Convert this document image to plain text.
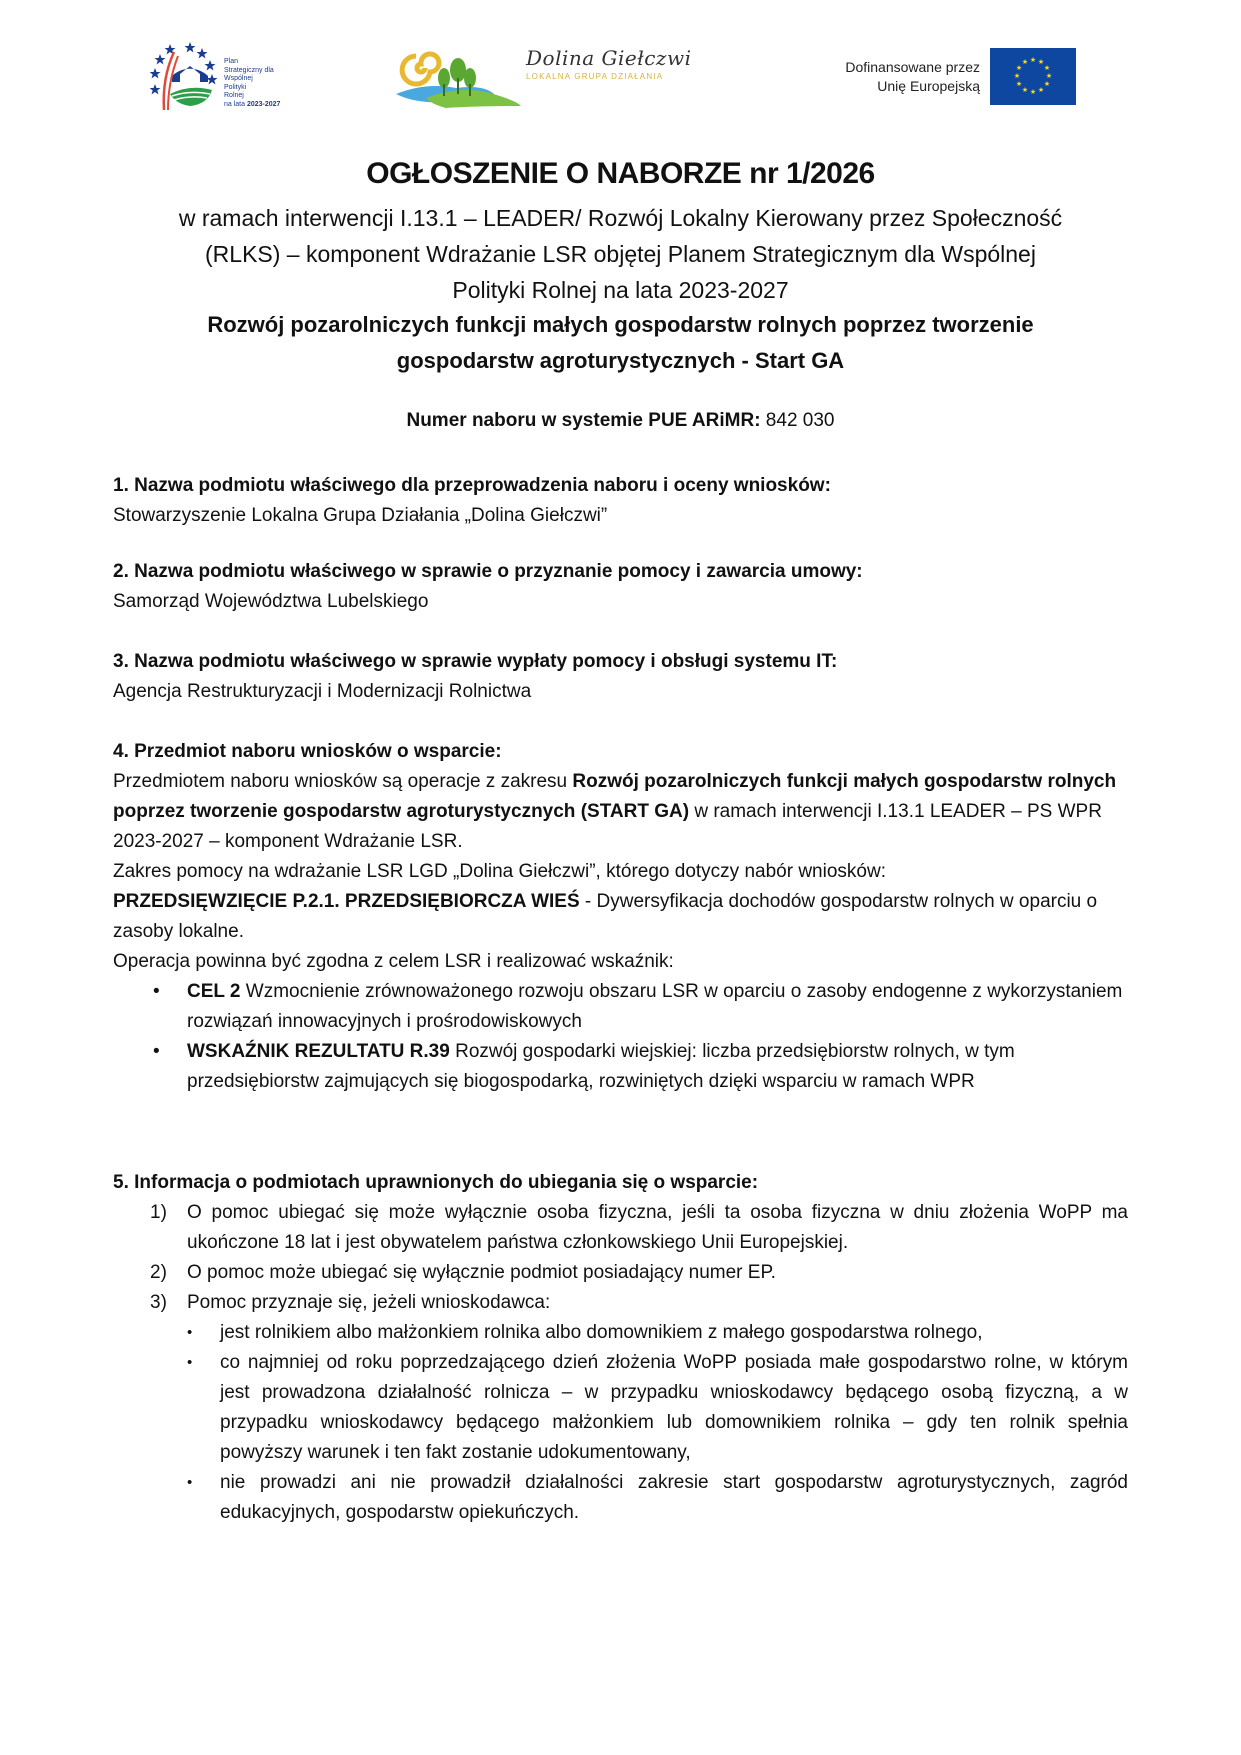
Plan
Strategiczny dla
Wspólnej
Polityki
Rolnej
na lata 2023-2027
Dolina Giełczwi
LOKALNA GRUPA DZIAŁANIA
Dofinansowane przez
Unię Europejską
★ ★
★
★
★
★
★
★
★
★
★
★
OGŁOSZENIE O NABORZE nr 1/2026
w ramach interwencji I.13.1 – LEADER/ Rozwój Lokalny Kierowany przez Społeczność
(RLKS) – komponent Wdrażanie LSR objętej Planem Strategicznym dla Wspólnej
Polityki Rolnej na lata 2023-2027
Rozwój pozarolniczych funkcji małych gospodarstw rolnych poprzez tworzenie
gospodarstw agroturystycznych - Start GA
Numer naboru w systemie PUE ARiMR: 842 030

1. Nazwa podmiotu właściwego dla przeprowadzenia naboru i oceny wniosków:

Stowarzyszenie Lokalna Grupa Działania „Dolina Giełczwi”

2. Nazwa podmiotu właściwego w sprawie o przyznanie pomocy i zawarcia umowy:

Samorząd Województwa Lubelskiego

3. Nazwa podmiotu właściwego w sprawie wypłaty pomocy i obsługi systemu IT:

Agencja Restrukturyzacji i Modernizacji Rolnictwa

4. Przedmiot naboru wniosków o wsparcie:

Przedmiotem naboru wniosków są operacje z zakresu Rozwój pozarolniczych funkcji małych gospodarstw rolnych poprzez tworzenie gospodarstw agroturystycznych (START GA) w ramach interwencji I.13.1 LEADER – PS WPR 2023-2027 – komponent Wdrażanie LSR.

Zakres pomocy na wdrażanie LSR LGD „Dolina Giełczwi”, którego dotyczy nabór wniosków:

PRZEDSIĘWZIĘCIE P.2.1. PRZEDSIĘBIORCZA WIEŚ - Dywersyfikacja dochodów gospodarstw rolnych w oparciu o zasoby lokalne.

Operacja powinna być zgodna z celem LSR i realizować wskaźnik:

• CEL 2 Wzmocnienie zrównoważonego rozwoju obszaru LSR w oparciu o zasoby endogenne z wykorzystaniem rozwiązań innowacyjnych i prośrodowiskowych
• WSKAŹNIK REZULTATU R.39 Rozwój gospodarki wiejskiej: liczba przedsiębiorstw rolnych, w tym przedsiębiorstw zajmujących się biogospodarką, rozwiniętych dzięki wsparciu w ramach WPR

5. Informacja o podmiotach uprawnionych do ubiegania się o wsparcie:

1) O pomoc ubiegać się może wyłącznie osoba fizyczna, jeśli ta osoba fizyczna w dniu złożenia WoPP ma ukończone 18 lat i jest obywatelem państwa członkowskiego Unii Europejskiej.
2) O pomoc może ubiegać się wyłącznie podmiot posiadający numer EP.
3) Pomoc przyznaje się, jeżeli wnioskodawca:
• jest rolnikiem albo małżonkiem rolnika albo domownikiem z małego gospodarstwa rolnego,
• co najmniej od roku poprzedzającego dzień złożenia WoPP posiada małe gospodarstwo rolne, w którym jest prowadzona działalność rolnicza – w przypadku wnioskodawcy będącego osobą fizyczną, a w przypadku wnioskodawcy będącego małżonkiem lub domownikiem rolnika – gdy ten rolnik spełnia powyższy warunek i ten fakt zostanie udokumentowany,
• nie prowadzi ani nie prowadził działalności zakresie start gospodarstw agroturystycznych, zagród edukacyjnych, gospodarstw opiekuńczych.
